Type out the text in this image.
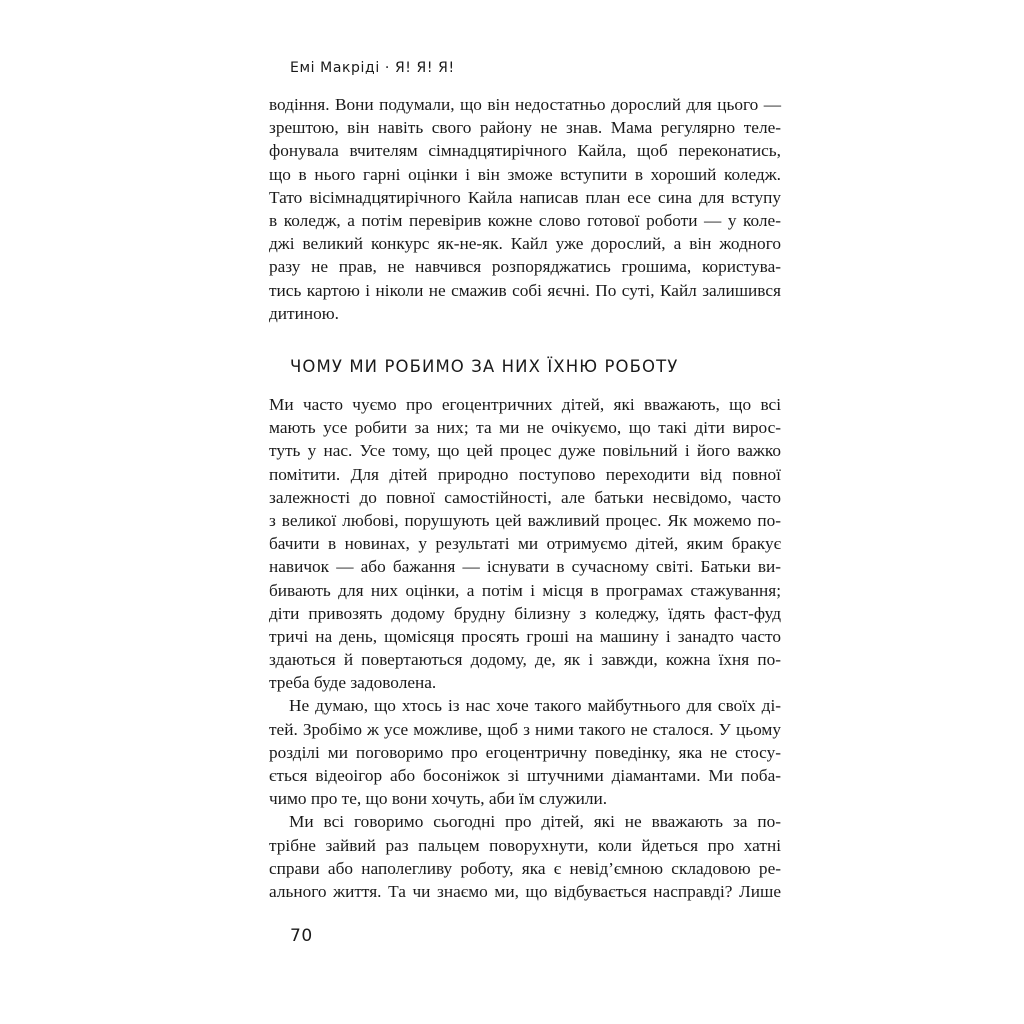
Емі Макріді · Я! Я! Я!
водіння. Вони подумали, що він недостатньо дорослий для цього —
зрештою, він навіть свого району не знав. Мама регулярно теле-
фонувала вчителям сімнадцятирічного Кайла, щоб переконатись,
що в нього гарні оцінки і він зможе вступити в хороший коледж.
Тато вісімнадцятирічного Кайла написав план есе сина для вступу
в коледж, а потім перевірив кожне слово готової роботи — у коле-
джі великий конкурс як-не-як. Кайл уже дорослий, а він жодного
разу не прав, не навчився розпоряджатись грошима, користува-
тись картою і ніколи не смажив собі яєчні. По суті, Кайл залишився
дитиною.
ЧОМУ МИ РОБИМО ЗА НИХ ЇХНЮ РОБОТУ
Ми часто чуємо про егоцентричних дітей, які вважають, що всі
мають усе робити за них; та ми не очікуємо, що такі діти вирос-
туть у нас. Усе тому, що цей процес дуже повільний і його важко
помітити. Для дітей природно поступово переходити від повної
залежності до повної самостійності, але батьки несвідомо, часто
з великої любові, порушують цей важливий процес. Як можемо по-
бачити в новинах, у результаті ми отримуємо дітей, яким бракує
навичок — або бажання — існувати в сучасному світі. Батьки ви-
бивають для них оцінки, а потім і місця в програмах стажування;
діти привозять додому брудну білизну з коледжу, їдять фаст-фуд
тричі на день, щомісяця просять гроші на машину і занадто часто
здаються й повертаються додому, де, як і завжди, кожна їхня по-
треба буде задоволена.
Не думаю, що хтось із нас хоче такого майбутнього для своїх ді-
тей. Зробімо ж усе можливе, щоб з ними такого не сталося. У цьому
розділі ми поговоримо про егоцентричну поведінку, яка не стосу-
ється відеоігор або босоніжок зі штучними діамантами. Ми поба-
чимо про те, що вони хочуть, аби їм служили.
Ми всі говоримо сьогодні про дітей, які не вважають за по-
трібне зайвий раз пальцем поворухнути, коли йдеться про хатні
справи або наполегливу роботу, яка є невід’ємною складовою ре-
ального життя. Та чи знаємо ми, що відбувається насправді? Лише
70
